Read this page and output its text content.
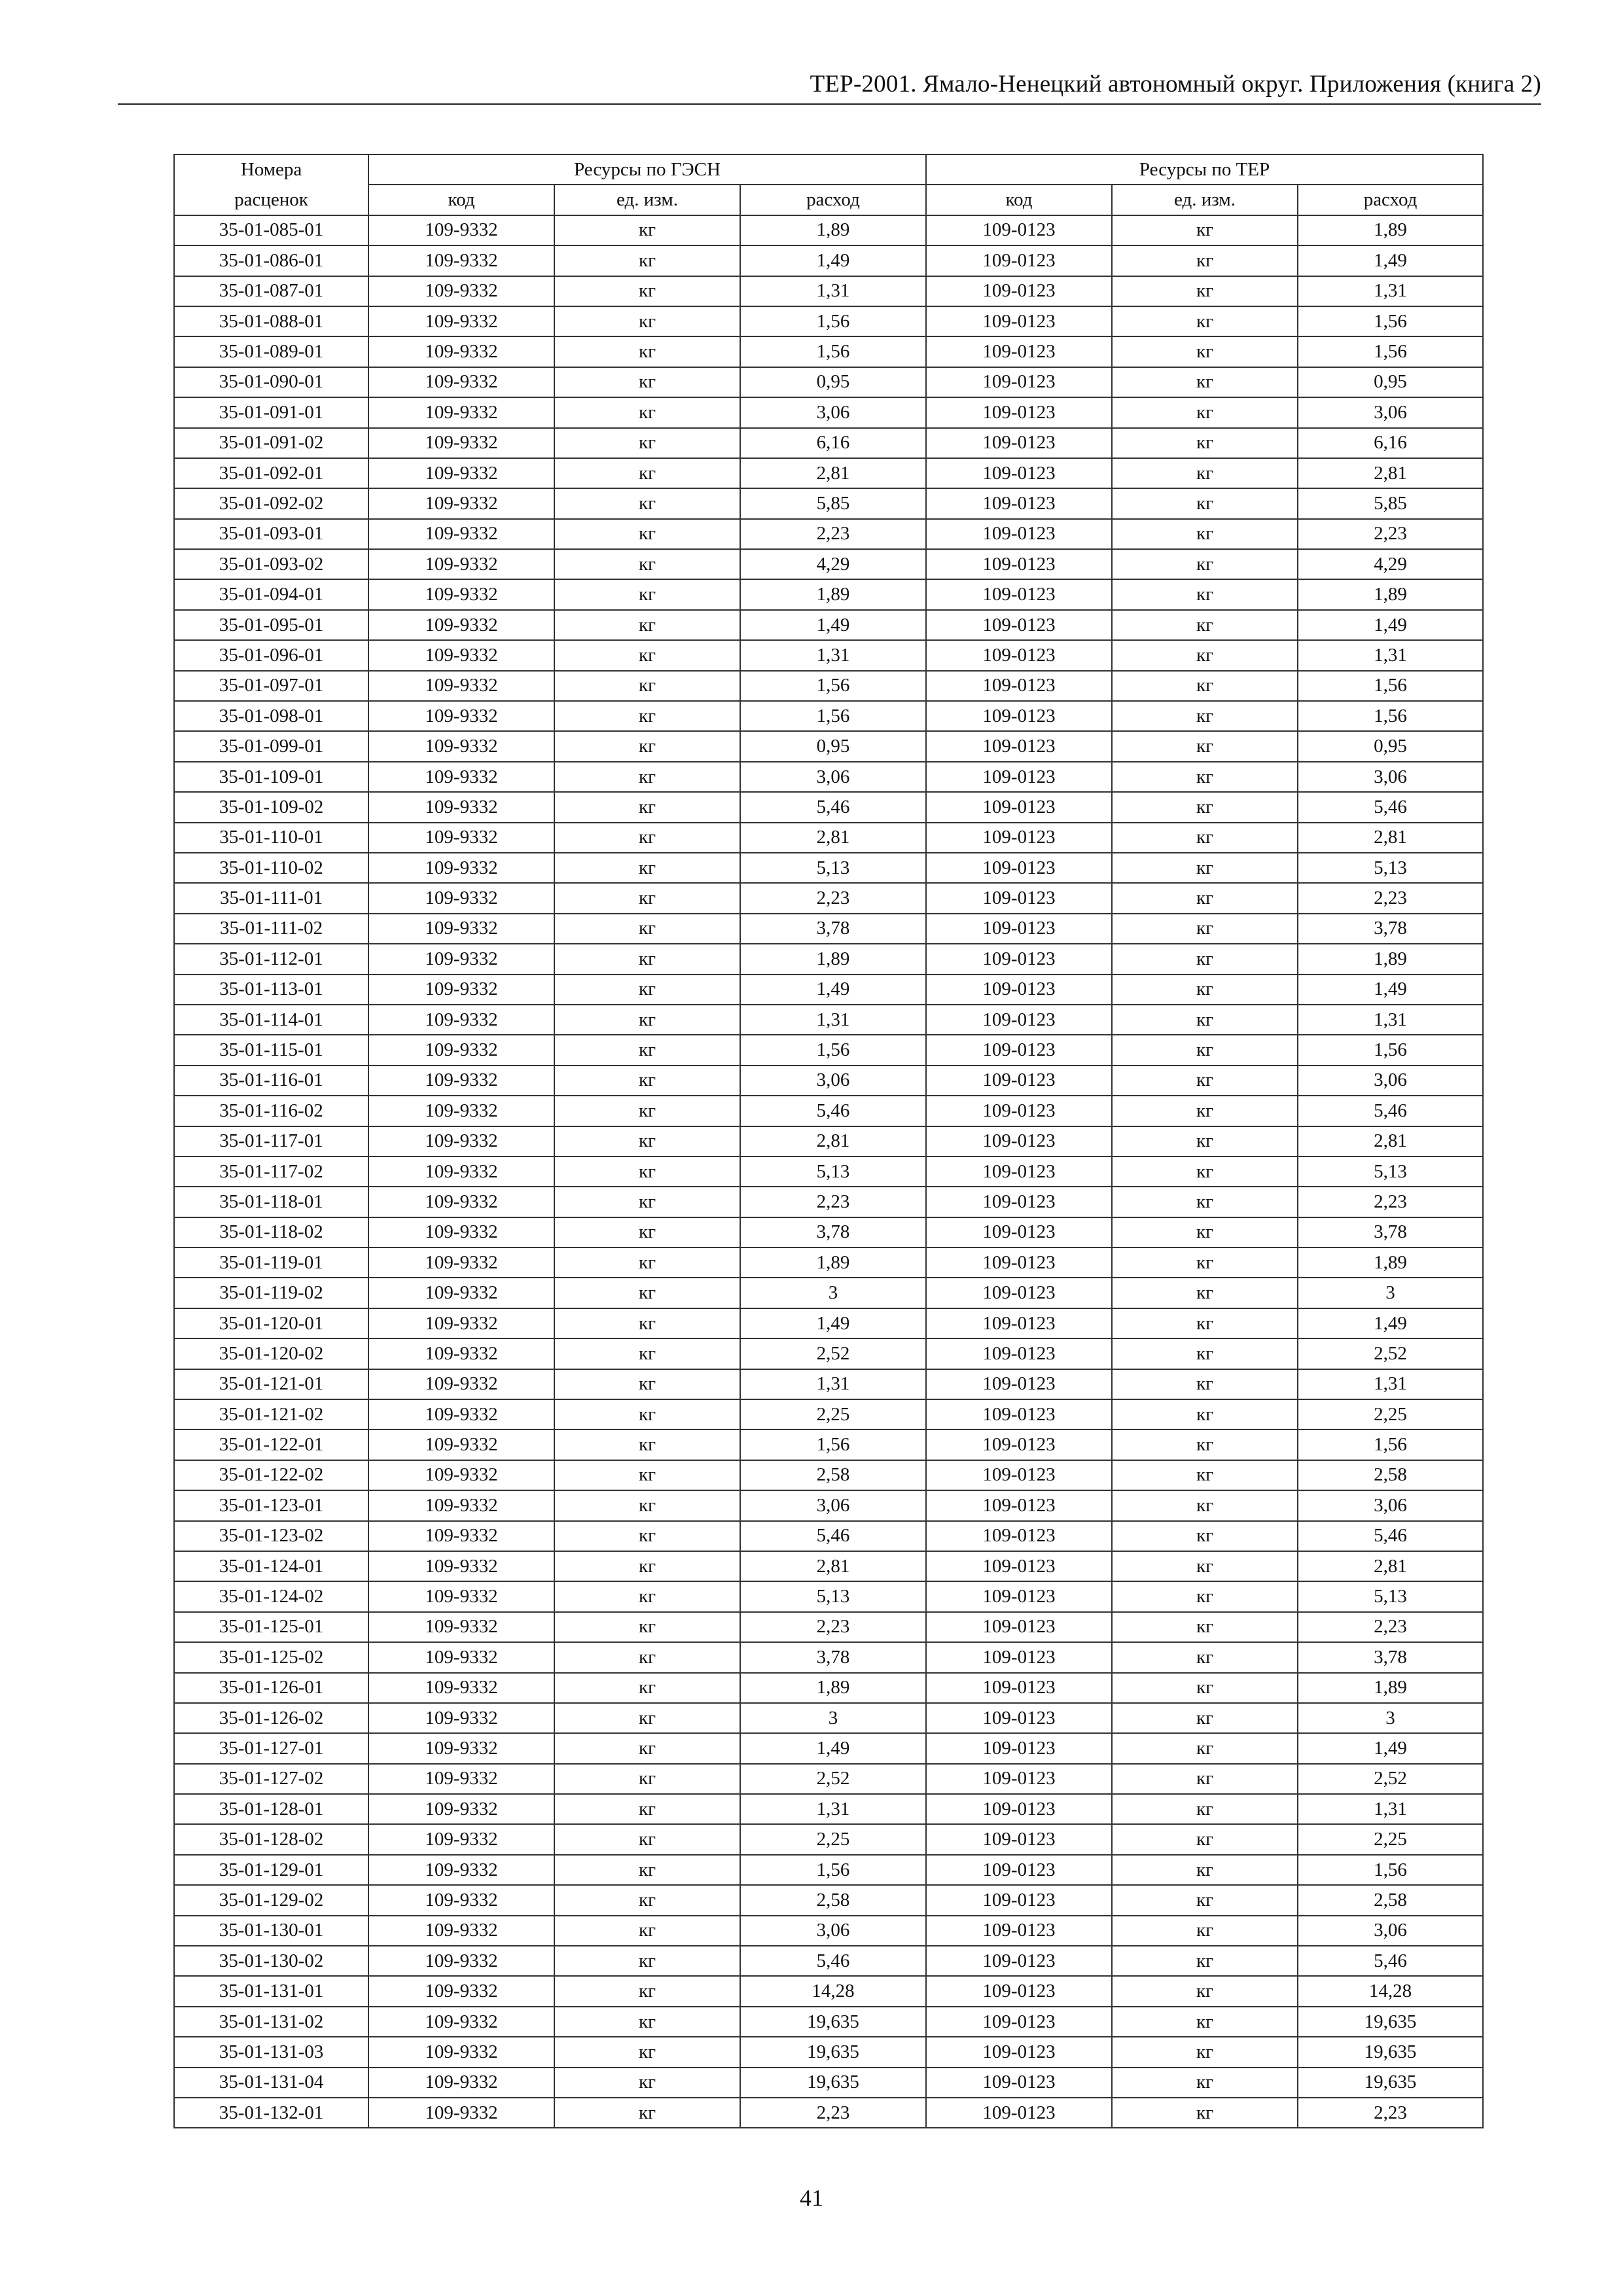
ТЕР-2001. Ямало-Ненецкий автономный округ. Приложения (книга 2)
Номера	Ресурсы по ГЭСН			Ресурсы по ТЕР		
расценок	код	ед. изм.	расход	код	ед. изм.	расход
35-01-085-01	109-9332	кг	1,89	109-0123	кг	1,89
35-01-086-01	109-9332	кг	1,49	109-0123	кг	1,49
35-01-087-01	109-9332	кг	1,31	109-0123	кг	1,31
35-01-088-01	109-9332	кг	1,56	109-0123	кг	1,56
35-01-089-01	109-9332	кг	1,56	109-0123	кг	1,56
35-01-090-01	109-9332	кг	0,95	109-0123	кг	0,95
35-01-091-01	109-9332	кг	3,06	109-0123	кг	3,06
35-01-091-02	109-9332	кг	6,16	109-0123	кг	6,16
35-01-092-01	109-9332	кг	2,81	109-0123	кг	2,81
35-01-092-02	109-9332	кг	5,85	109-0123	кг	5,85
35-01-093-01	109-9332	кг	2,23	109-0123	кг	2,23
35-01-093-02	109-9332	кг	4,29	109-0123	кг	4,29
35-01-094-01	109-9332	кг	1,89	109-0123	кг	1,89
35-01-095-01	109-9332	кг	1,49	109-0123	кг	1,49
35-01-096-01	109-9332	кг	1,31	109-0123	кг	1,31
35-01-097-01	109-9332	кг	1,56	109-0123	кг	1,56
35-01-098-01	109-9332	кг	1,56	109-0123	кг	1,56
35-01-099-01	109-9332	кг	0,95	109-0123	кг	0,95
35-01-109-01	109-9332	кг	3,06	109-0123	кг	3,06
35-01-109-02	109-9332	кг	5,46	109-0123	кг	5,46
35-01-110-01	109-9332	кг	2,81	109-0123	кг	2,81
35-01-110-02	109-9332	кг	5,13	109-0123	кг	5,13
35-01-111-01	109-9332	кг	2,23	109-0123	кг	2,23
35-01-111-02	109-9332	кг	3,78	109-0123	кг	3,78
35-01-112-01	109-9332	кг	1,89	109-0123	кг	1,89
35-01-113-01	109-9332	кг	1,49	109-0123	кг	1,49
35-01-114-01	109-9332	кг	1,31	109-0123	кг	1,31
35-01-115-01	109-9332	кг	1,56	109-0123	кг	1,56
35-01-116-01	109-9332	кг	3,06	109-0123	кг	3,06
35-01-116-02	109-9332	кг	5,46	109-0123	кг	5,46
35-01-117-01	109-9332	кг	2,81	109-0123	кг	2,81
35-01-117-02	109-9332	кг	5,13	109-0123	кг	5,13
35-01-118-01	109-9332	кг	2,23	109-0123	кг	2,23
35-01-118-02	109-9332	кг	3,78	109-0123	кг	3,78
35-01-119-01	109-9332	кг	1,89	109-0123	кг	1,89
35-01-119-02	109-9332	кг	3	109-0123	кг	3
35-01-120-01	109-9332	кг	1,49	109-0123	кг	1,49
35-01-120-02	109-9332	кг	2,52	109-0123	кг	2,52
35-01-121-01	109-9332	кг	1,31	109-0123	кг	1,31
35-01-121-02	109-9332	кг	2,25	109-0123	кг	2,25
35-01-122-01	109-9332	кг	1,56	109-0123	кг	1,56
35-01-122-02	109-9332	кг	2,58	109-0123	кг	2,58
35-01-123-01	109-9332	кг	3,06	109-0123	кг	3,06
35-01-123-02	109-9332	кг	5,46	109-0123	кг	5,46
35-01-124-01	109-9332	кг	2,81	109-0123	кг	2,81
35-01-124-02	109-9332	кг	5,13	109-0123	кг	5,13
35-01-125-01	109-9332	кг	2,23	109-0123	кг	2,23
35-01-125-02	109-9332	кг	3,78	109-0123	кг	3,78
35-01-126-01	109-9332	кг	1,89	109-0123	кг	1,89
35-01-126-02	109-9332	кг	3	109-0123	кг	3
35-01-127-01	109-9332	кг	1,49	109-0123	кг	1,49
35-01-127-02	109-9332	кг	2,52	109-0123	кг	2,52
35-01-128-01	109-9332	кг	1,31	109-0123	кг	1,31
35-01-128-02	109-9332	кг	2,25	109-0123	кг	2,25
35-01-129-01	109-9332	кг	1,56	109-0123	кг	1,56
35-01-129-02	109-9332	кг	2,58	109-0123	кг	2,58
35-01-130-01	109-9332	кг	3,06	109-0123	кг	3,06
35-01-130-02	109-9332	кг	5,46	109-0123	кг	5,46
35-01-131-01	109-9332	кг	14,28	109-0123	кг	14,28
35-01-131-02	109-9332	кг	19,635	109-0123	кг	19,635
35-01-131-03	109-9332	кг	19,635	109-0123	кг	19,635
35-01-131-04	109-9332	кг	19,635	109-0123	кг	19,635
35-01-132-01	109-9332	кг	2,23	109-0123	кг	2,23
41
